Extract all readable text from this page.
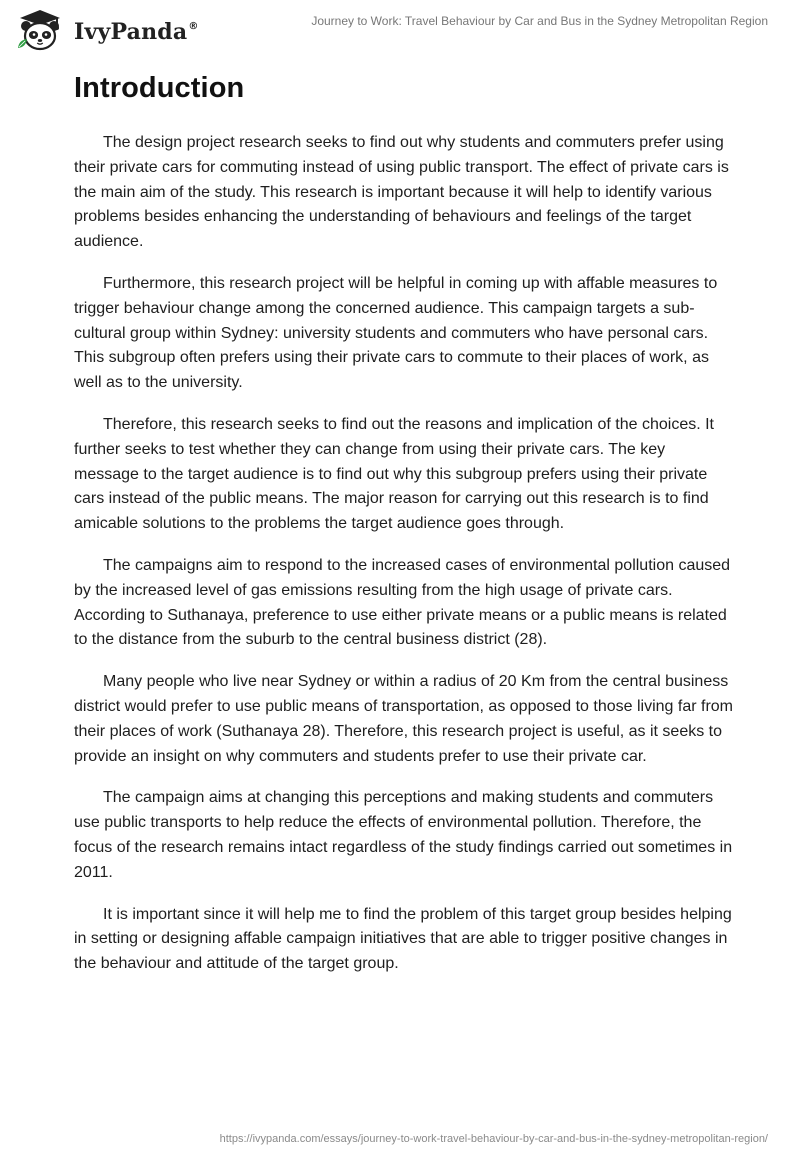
IvyPanda®	Journey to Work: Travel Behaviour by Car and Bus in the Sydney Metropolitan Region
Introduction

The design project research seeks to find out why students and commuters prefer using their private cars for commuting instead of using public transport. The effect of private cars is the main aim of the study. This research is important because it will help to identify various problems besides enhancing the understanding of behaviours and feelings of the target audience.

Furthermore, this research project will be helpful in coming up with affable measures to trigger behaviour change among the concerned audience. This campaign targets a sub-cultural group within Sydney: university students and commuters who have personal cars. This subgroup often prefers using their private cars to commute to their places of work, as well as to the university.

Therefore, this research seeks to find out the reasons and implication of the choices. It further seeks to test whether they can change from using their private cars. The key message to the target audience is to find out why this subgroup prefers using their private cars instead of the public means. The major reason for carrying out this research is to find amicable solutions to the problems the target audience goes through.

The campaigns aim to respond to the increased cases of environmental pollution caused by the increased level of gas emissions resulting from the high usage of private cars. According to Suthanaya, preference to use either private means or a public means is related to the distance from the suburb to the central business district (28).

Many people who live near Sydney or within a radius of 20 Km from the central business district would prefer to use public means of transportation, as opposed to those living far from their places of work (Suthanaya 28). Therefore, this research project is useful, as it seeks to provide an insight on why commuters and students prefer to use their private car.

The campaign aims at changing this perceptions and making students and commuters use public transports to help reduce the effects of environmental pollution. Therefore, the focus of the research remains intact regardless of the study findings carried out sometimes in 2011.

It is important since it will help me to find the problem of this target group besides helping in setting or designing affable campaign initiatives that are able to trigger positive changes in the behaviour and attitude of the target group.

https://ivypanda.com/essays/journey-to-work-travel-behaviour-by-car-and-bus-in-the-sydney-metropolitan-region/
